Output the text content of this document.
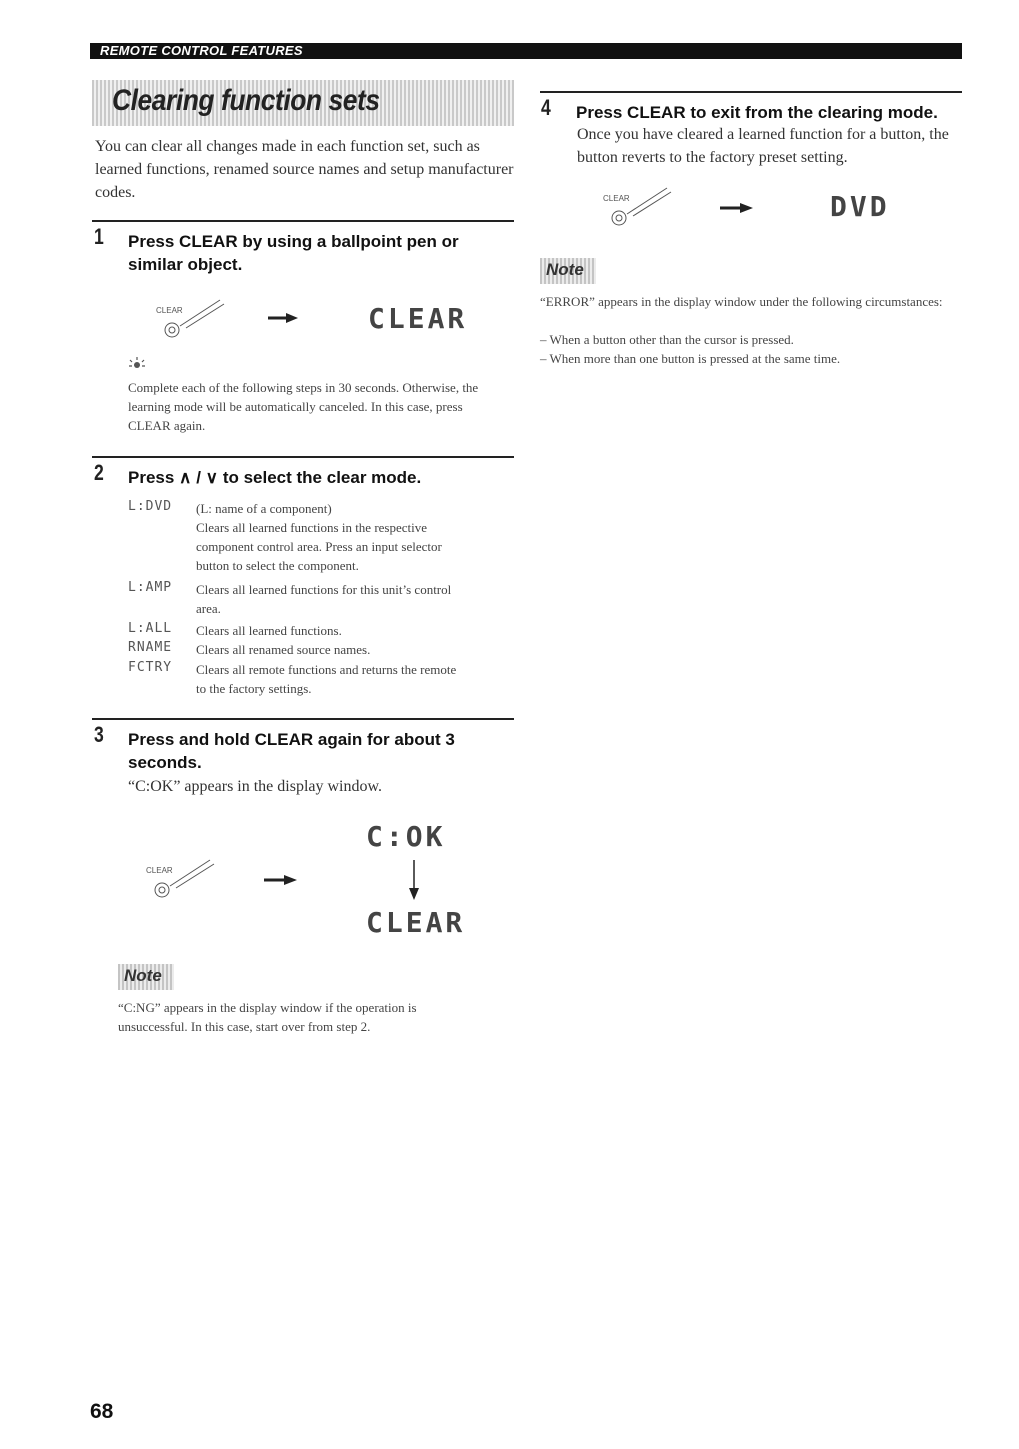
REMOTE CONTROL FEATURES
Clearing function sets
You can clear all changes made in each function set, such as learned functions, renamed source names and setup manufacturer codes.
1 Press CLEAR by using a ballpoint pen or similar object.
CLEAR	CLEAR
Complete each of the following steps in 30 seconds. Otherwise, the learning mode will be automatically canceled. In this case, press CLEAR again.
2 Press ∧ / ∨ to select the clear mode.
L:DVD (L: name of a component)
Clears all learned functions in the respective
component control area. Press an input selector
button to select the component.
L:AMP Clears all learned functions for this unit’s control
area.
L:ALL Clears all learned functions.
RNAME Clears all renamed source names.
FCTRY Clears all remote functions and returns the remote
to the factory settings.
3 Press and hold CLEAR again for about 3 seconds.
“C:OK” appears in the display window.
C:OK
CLEAR
CLEAR
Note
“C:NG” appears in the display window if the operation is unsuccessful. In this case, start over from step 2.
4 Press CLEAR to exit from the clearing mode.
Once you have cleared a learned function for a button, the button reverts to the factory preset setting.
CLEAR	DVD
Note
“ERROR” appears in the display window under the following circumstances:
– When a button other than the cursor is pressed.
– When more than one button is pressed at the same time.
68
